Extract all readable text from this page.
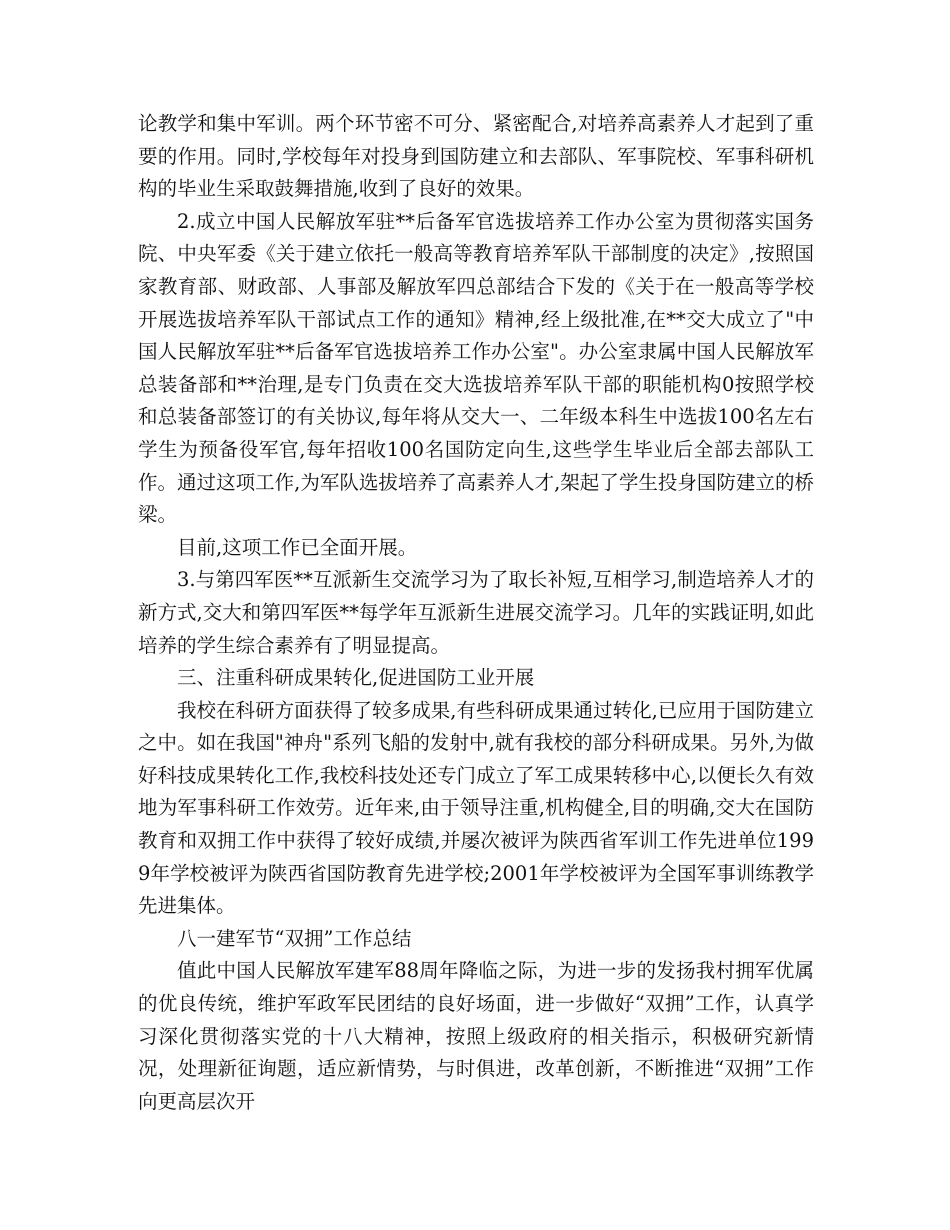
论教学和集中军训。两个环节密不可分、紧密配合,对培养高素养人才起到了重要的作用。同时,学校每年对投身到国防建立和去部队、军事院校、军事科研机构的毕业生采取鼓舞措施,收到了良好的效果。

2.成立中国人民解放军驻**后备军官选拔培养工作办公室为贯彻落实国务院、中央军委《关于建立依托一般高等教育培养军队干部制度的决定》,按照国家教育部、财政部、人事部及解放军四总部结合下发的《关于在一般高等学校开展选拔培养军队干部试点工作的通知》精神,经上级批准,在**交大成立了"中国人民解放军驻**后备军官选拔培养工作办公室"。办公室隶属中国人民解放军总装备部和**治理,是专门负责在交大选拔培养军队干部的职能机构0按照学校和总装备部签订的有关协议,每年将从交大一、二年级本科生中选拔100名左右学生为预备役军官,每年招收100名国防定向生,这些学生毕业后全部去部队工作。通过这项工作,为军队选拔培养了高素养人才,架起了学生投身国防建立的桥梁。

目前,这项工作已全面开展。

3.与第四军医**互派新生交流学习为了取长补短,互相学习,制造培养人才的新方式,交大和第四军医**每学年互派新生进展交流学习。几年的实践证明,如此培养的学生综合素养有了明显提高。

三、注重科研成果转化,促进国防工业开展

我校在科研方面获得了较多成果,有些科研成果通过转化,已应用于国防建立之中。如在我国"神舟"系列飞船的发射中,就有我校的部分科研成果。另外,为做好科技成果转化工作,我校科技处还专门成立了军工成果转移中心,以便长久有效地为军事科研工作效劳。近年来,由于领导注重,机构健全,目的明确,交大在国防教育和双拥工作中获得了较好成绩,并屡次被评为陕西省军训工作先进单位1999年学校被评为陕西省国防教育先进学校;2001年学校被评为全国军事训练教学先进集体。

八一建军节“双拥”工作总结

值此中国人民解放军建军88周年降临之际，为进一步的发扬我村拥军优属的优良传统，维护军政军民团结的良好场面，进一步做好“双拥”工作，认真学习深化贯彻落实党的十八大精神，按照上级政府的相关指示，积极研究新情况，处理新征询题，适应新情势，与时俱进，改革创新，不断推进“双拥”工作向更高层次开
